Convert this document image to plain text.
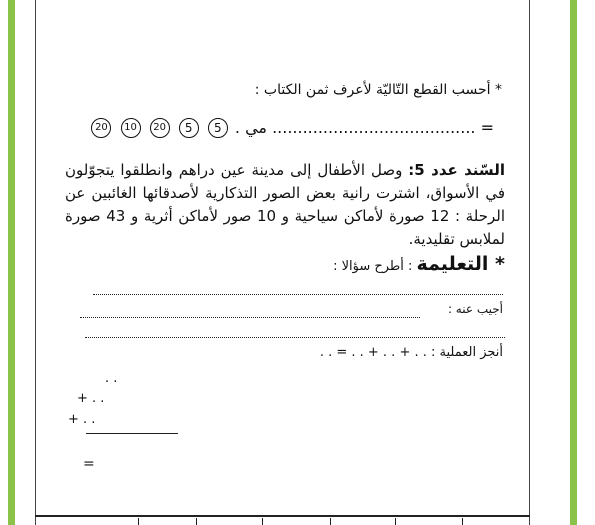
* أحسب القطع التّاليّة لأعرف ثمن الكتاب :
20 10 20 5 5 = ........................................ مي .
السّند عدد 5: وصل الأطفال إلى مدينة عين دراهم وانطلقوا يتجوّلون في الأسواق، اشترت رانية بعض الصور التذكارية لأصدقائها الغائبين عن الرحلة : 12 صورة لأماكن سياحية و 10 صور لأماكن أثرية و 43 صورة لملابس تقليدية.
* التعليمة : أطرح سؤالا :
أجيب عنه :
أنجز العملية : . . + . . + . . = . .
. .
+ . .
+ . .
=
